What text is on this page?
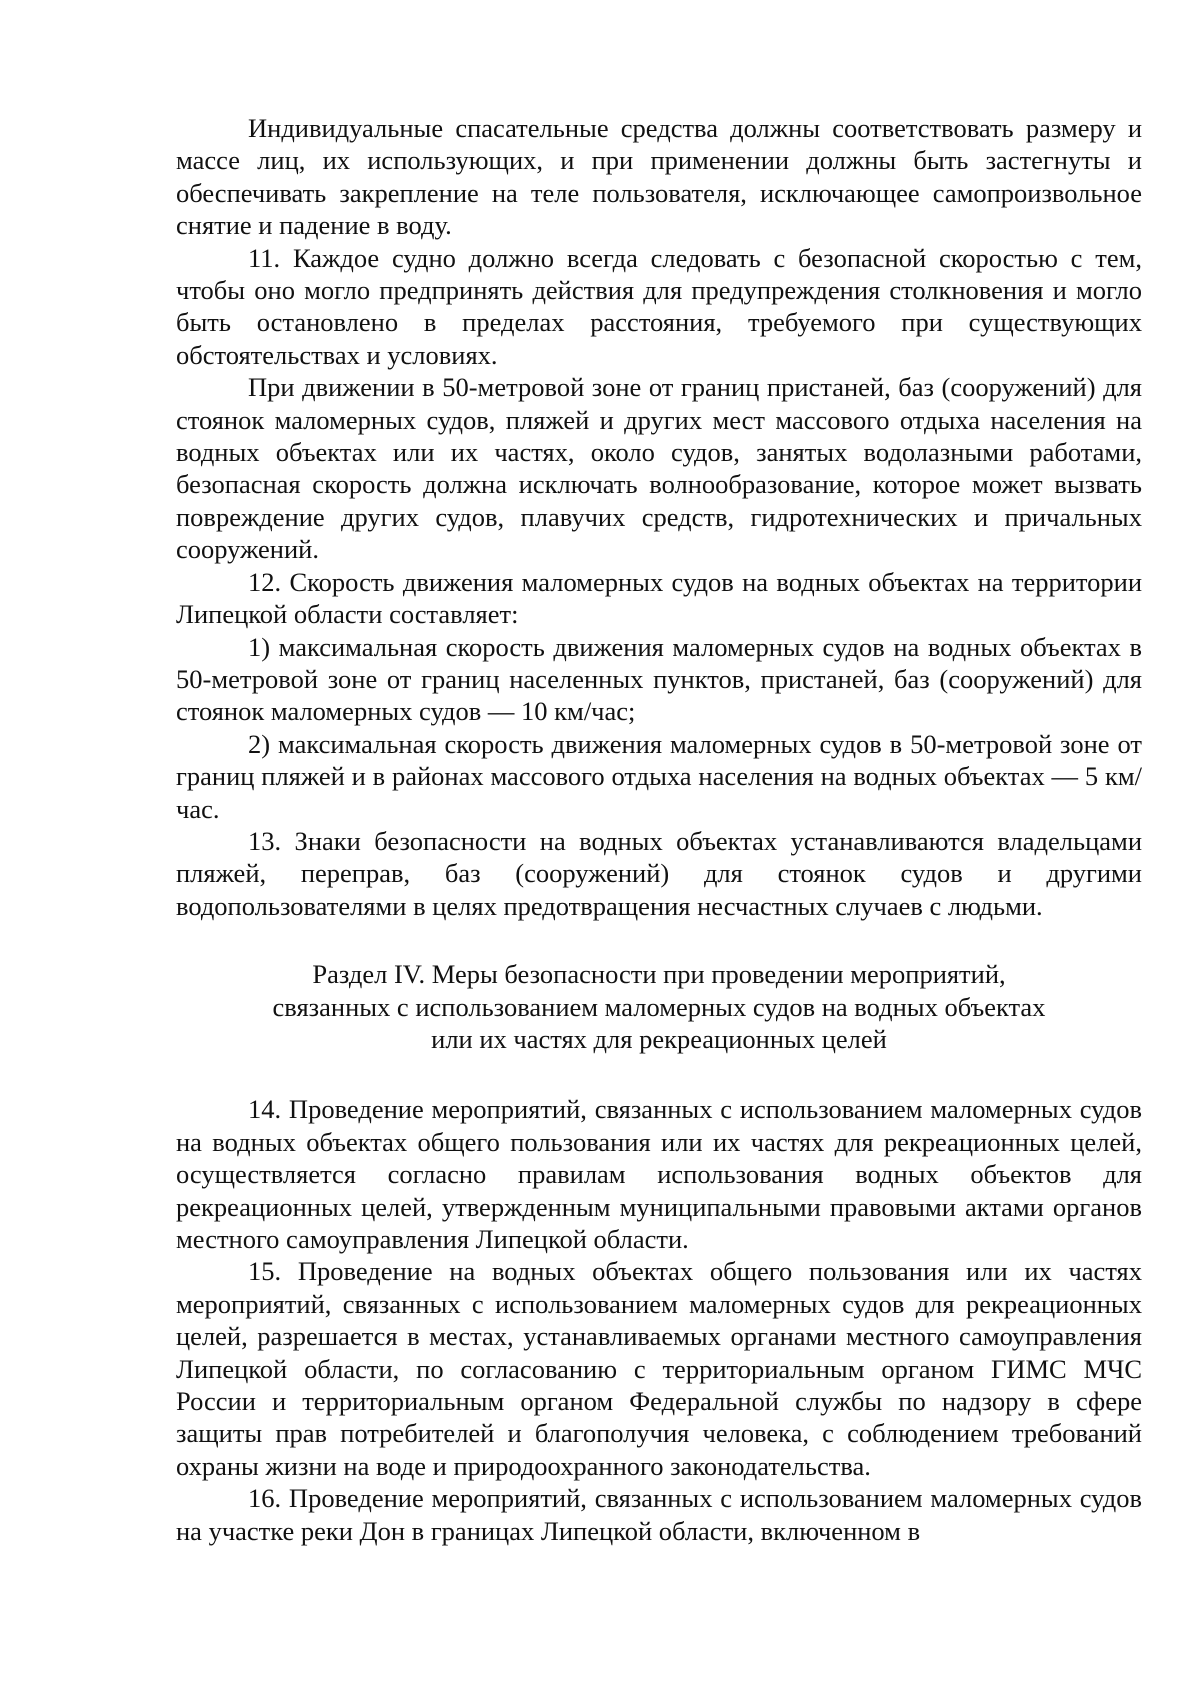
Индивидуальные спасательные средства должны соответствовать размеру и массе лиц, их использующих, и при применении должны быть застегнуты и обеспечивать закрепление на теле пользователя, исключающее самопроизвольное снятие и падение в воду.

11. Каждое судно должно всегда следовать с безопасной скоростью с тем, чтобы оно могло предпринять действия для предупреждения столкновения и могло быть остановлено в пределах расстояния, требуемого при существующих обстоятельствах и условиях.

При движении в 50-метровой зоне от границ пристаней, баз (сооружений) для стоянок маломерных судов, пляжей и других мест массового отдыха населения на водных объектах или их частях, около судов, занятых водолазными работами, безопасная скорость должна исключать волнообразование, которое может вызвать повреждение других судов, плавучих средств, гидротехнических и причальных сооружений.

12. Скорость движения маломерных судов на водных объектах на территории Липецкой области составляет:

1) максимальная скорость движения маломерных судов на водных объектах в 50-метровой зоне от границ населенных пунктов, пристаней, баз (сооружений) для стоянок маломерных судов — 10 км/час;

2) максимальная скорость движения маломерных судов в 50-метровой зоне от границ пляжей и в районах массового отдыха населения на водных объектах — 5 км/час.

13. Знаки безопасности на водных объектах устанавливаются владельцами пляжей, переправ, баз (сооружений) для стоянок судов и другими водопользователями в целях предотвращения несчастных случаев с людьми.

Раздел IV. Меры безопасности при проведении мероприятий,
связанных с использованием маломерных судов на водных объектах
или их частях для рекреационных целей

14. Проведение мероприятий, связанных с использованием маломерных судов на водных объектах общего пользования или их частях для рекреационных целей, осуществляется согласно правилам использования водных объектов для рекреационных целей, утвержденным муниципальными правовыми актами органов местного самоуправления Липецкой области.

15. Проведение на водных объектах общего пользования или их частях мероприятий, связанных с использованием маломерных судов для рекреационных целей, разрешается в местах, устанавливаемых органами местного самоуправления Липецкой области, по согласованию с территориальным органом ГИМС МЧС России и территориальным органом Федеральной службы по надзору в сфере защиты прав потребителей и благополучия человека, с соблюдением требований охраны жизни на воде и природоохранного законодательства.

16. Проведение мероприятий, связанных с использованием маломерных судов на участке реки Дон в границах Липецкой области, включенном в
